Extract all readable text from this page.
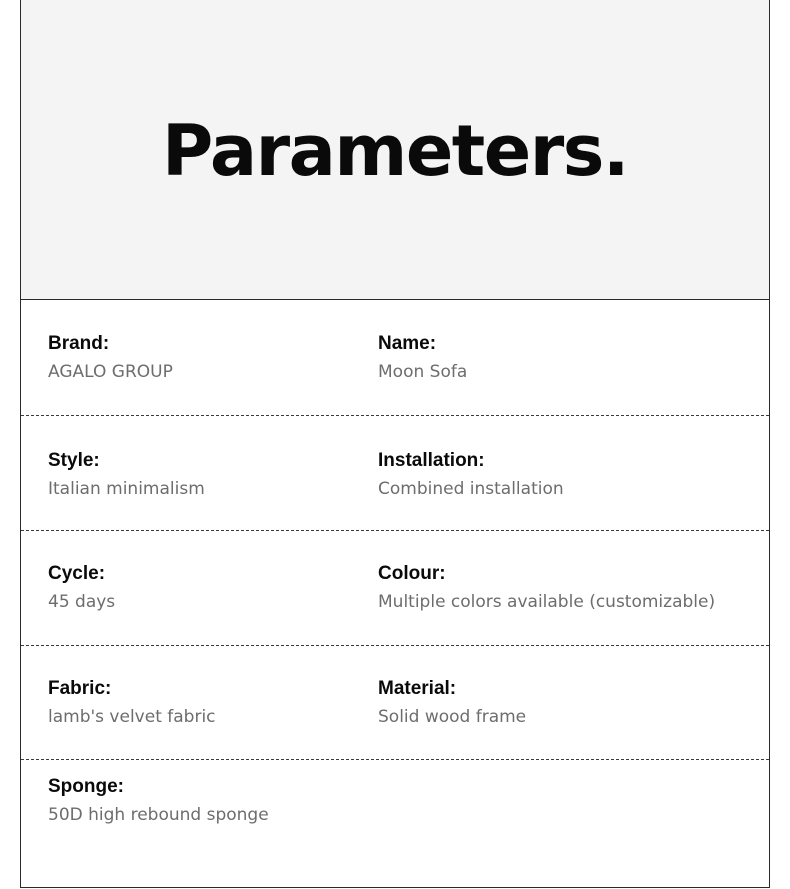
Parameters.
Brand:
AGALO GROUP
Name:
Moon Sofa
Style:
Italian minimalism
Installation:
Combined installation
Cycle:
45 days
Colour:
Multiple colors available (customizable)
Fabric:
lamb's velvet fabric
Material:
Solid wood frame
Sponge:
50D high rebound sponge
